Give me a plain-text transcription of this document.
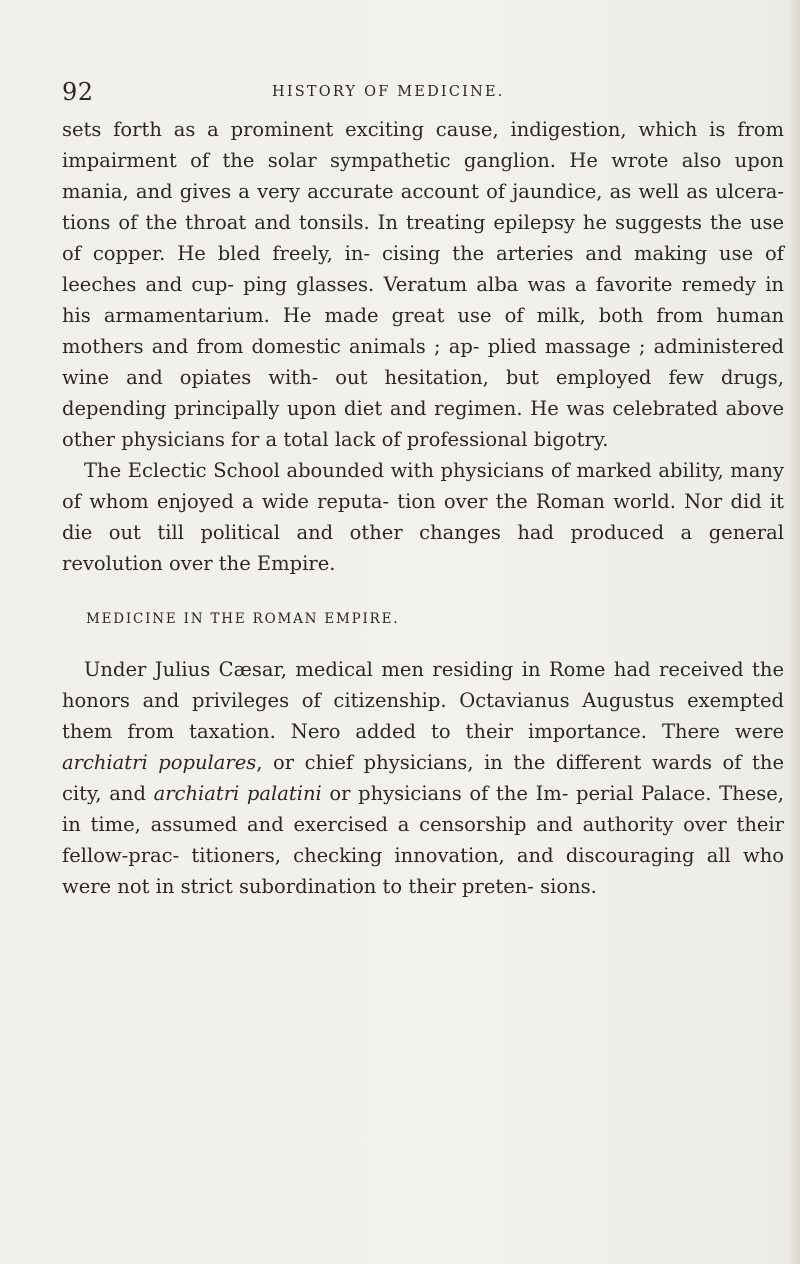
92	HISTORY OF MEDICINE.

sets forth as a prominent exciting cause, indigestion, which is from impairment of the solar sympathetic ganglion. He wrote also upon mania, and gives a very accurate account of jaundice, as well as ulcera- tions of the throat and tonsils. In treating epilepsy he suggests the use of copper. He bled freely, in- cising the arteries and making use of leeches and cup- ping glasses. Veratum alba was a favorite remedy in his armamentarium. He made great use of milk, both from human mothers and from domestic animals ; ap- plied massage ; administered wine and opiates with- out hesitation, but employed few drugs, depending principally upon diet and regimen. He was celebrated above other physicians for a total lack of professional bigotry.

The Eclectic School abounded with physicians of marked ability, many of whom enjoyed a wide reputa- tion over the Roman world. Nor did it die out till political and other changes had produced a general revolution over the Empire.

MEDICINE IN THE ROMAN EMPIRE.

Under Julius Cæsar, medical men residing in Rome had received the honors and privileges of citizenship. Octavianus Augustus exempted them from taxation. Nero added to their importance. There were archiatri populares, or chief physicians, in the different wards of the city, and archiatri palatini or physicians of the Im- perial Palace. These, in time, assumed and exercised a censorship and authority over their fellow-prac- titioners, checking innovation, and discouraging all who were not in strict subordination to their preten- sions.
